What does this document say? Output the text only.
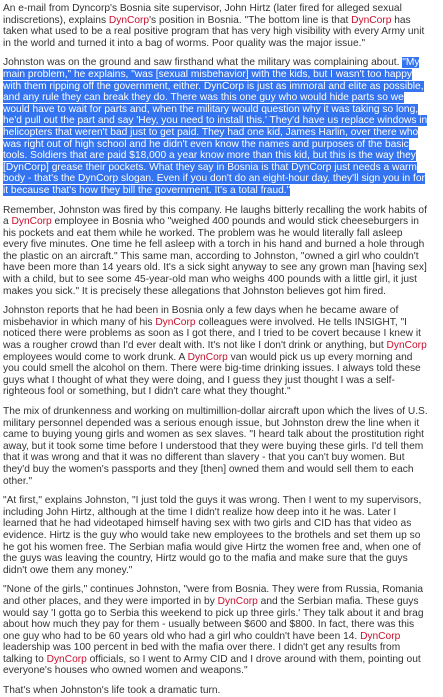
An e-mail from Dyncorp's Bosnia site supervisor, John Hirtz (later fired for alleged sexual indiscretions), explains DynCorp's position in Bosnia. "The bottom line is that DynCorp has taken what used to be a real positive program that has very high visibility with every Army unit in the world and turned it into a bag of worms. Poor quality was the major issue."

Johnston was on the ground and saw firsthand what the military was complaining about. "My main problem," he explains, "was [sexual misbehavior] with the kids, but I wasn't too happy with them ripping off the government, either. DynCorp is just as immoral and elite as possible, and any rule they can break they do. There was this one guy who would hide parts so we would have to wait for parts and, when the military would question why it was taking so long, he'd pull out the part and say 'Hey, you need to install this.' They'd have us replace windows in helicopters that weren't bad just to get paid. They had one kid, James Harlin, over there who was right out of high school and he didn't even know the names and purposes of the basic tools. Soldiers that are paid $18,000 a year know more than this kid, but this is the way they [DynCorp] grease their pockets. What they say in Bosnia is that DynCorp just needs a warm body - that's the DynCorp slogan. Even if you don't do an eight-hour day, they'll sign you in for it because that's how they bill the government. It's a total fraud."

Remember, Johnston was fired by this company. He laughs bitterly recalling the work habits of a DynCorp employee in Bosnia who "weighed 400 pounds and would stick cheeseburgers in his pockets and eat them while he worked. The problem was he would literally fall asleep every five minutes. One time he fell asleep with a torch in his hand and burned a hole through the plastic on an aircraft." This same man, according to Johnston, "owned a girl who couldn't have been more than 14 years old. It's a sick sight anyway to see any grown man [having sex] with a child, but to see some 45-year-old man who weighs 400 pounds with a little girl, it just makes you sick." It is precisely these allegations that Johnston believes got him fired.

Johnston reports that he had been in Bosnia only a few days when he became aware of misbehavior in which many of his DynCorp colleagues were involved. He tells INSIGHT, "I noticed there were problems as soon as I got there, and I tried to be covert because I knew it was a rougher crowd than I'd ever dealt with. It's not like I don't drink or anything, but DynCorp employees would come to work drunk. A DynCorp van would pick us up every morning and you could smell the alcohol on them. There were big-time drinking issues. I always told these guys what I thought of what they were doing, and I guess they just thought I was a self-righteous fool or something, but I didn't care what they thought."

The mix of drunkenness and working on multimillion-dollar aircraft upon which the lives of U.S. military personnel depended was a serious enough issue, but Johnston drew the line when it came to buying young girls and women as sex slaves. "I heard talk about the prostitution right away, but it took some time before I understood that they were buying these girls. I'd tell them that it was wrong and that it was no different than slavery - that you can't buy women. But they'd buy the women's passports and they [then] owned them and would sell them to each other."

"At first," explains Johnston, "I just told the guys it was wrong. Then I went to my supervisors, including John Hirtz, although at the time I didn't realize how deep into it he was. Later I learned that he had videotaped himself having sex with two girls and CID has that video as evidence. Hirtz is the guy who would take new employees to the brothels and set them up so he got his women free. The Serbian mafia would give Hirtz the women free and, when one of the guys was leaving the country, Hirtz would go to the mafia and make sure that the guys didn't owe them any money."

"None of the girls," continues Johnston, "were from Bosnia. They were from Russia, Romania and other places, and they were imported in by DynCorp and the Serbian mafia. These guys would say 'I gotta go to Serbia this weekend to pick up three girls.' They talk about it and brag about how much they pay for them - usually between $600 and $800. In fact, there was this one guy who had to be 60 years old who had a girl who couldn't have been 14. DynCorp leadership was 100 percent in bed with the mafia over there. I didn't get any results from talking to DynCorp officials, so I went to Army CID and I drove around with them, pointing out everyone's houses who owned women and weapons."

That's when Johnston's life took a dramatic turn.
